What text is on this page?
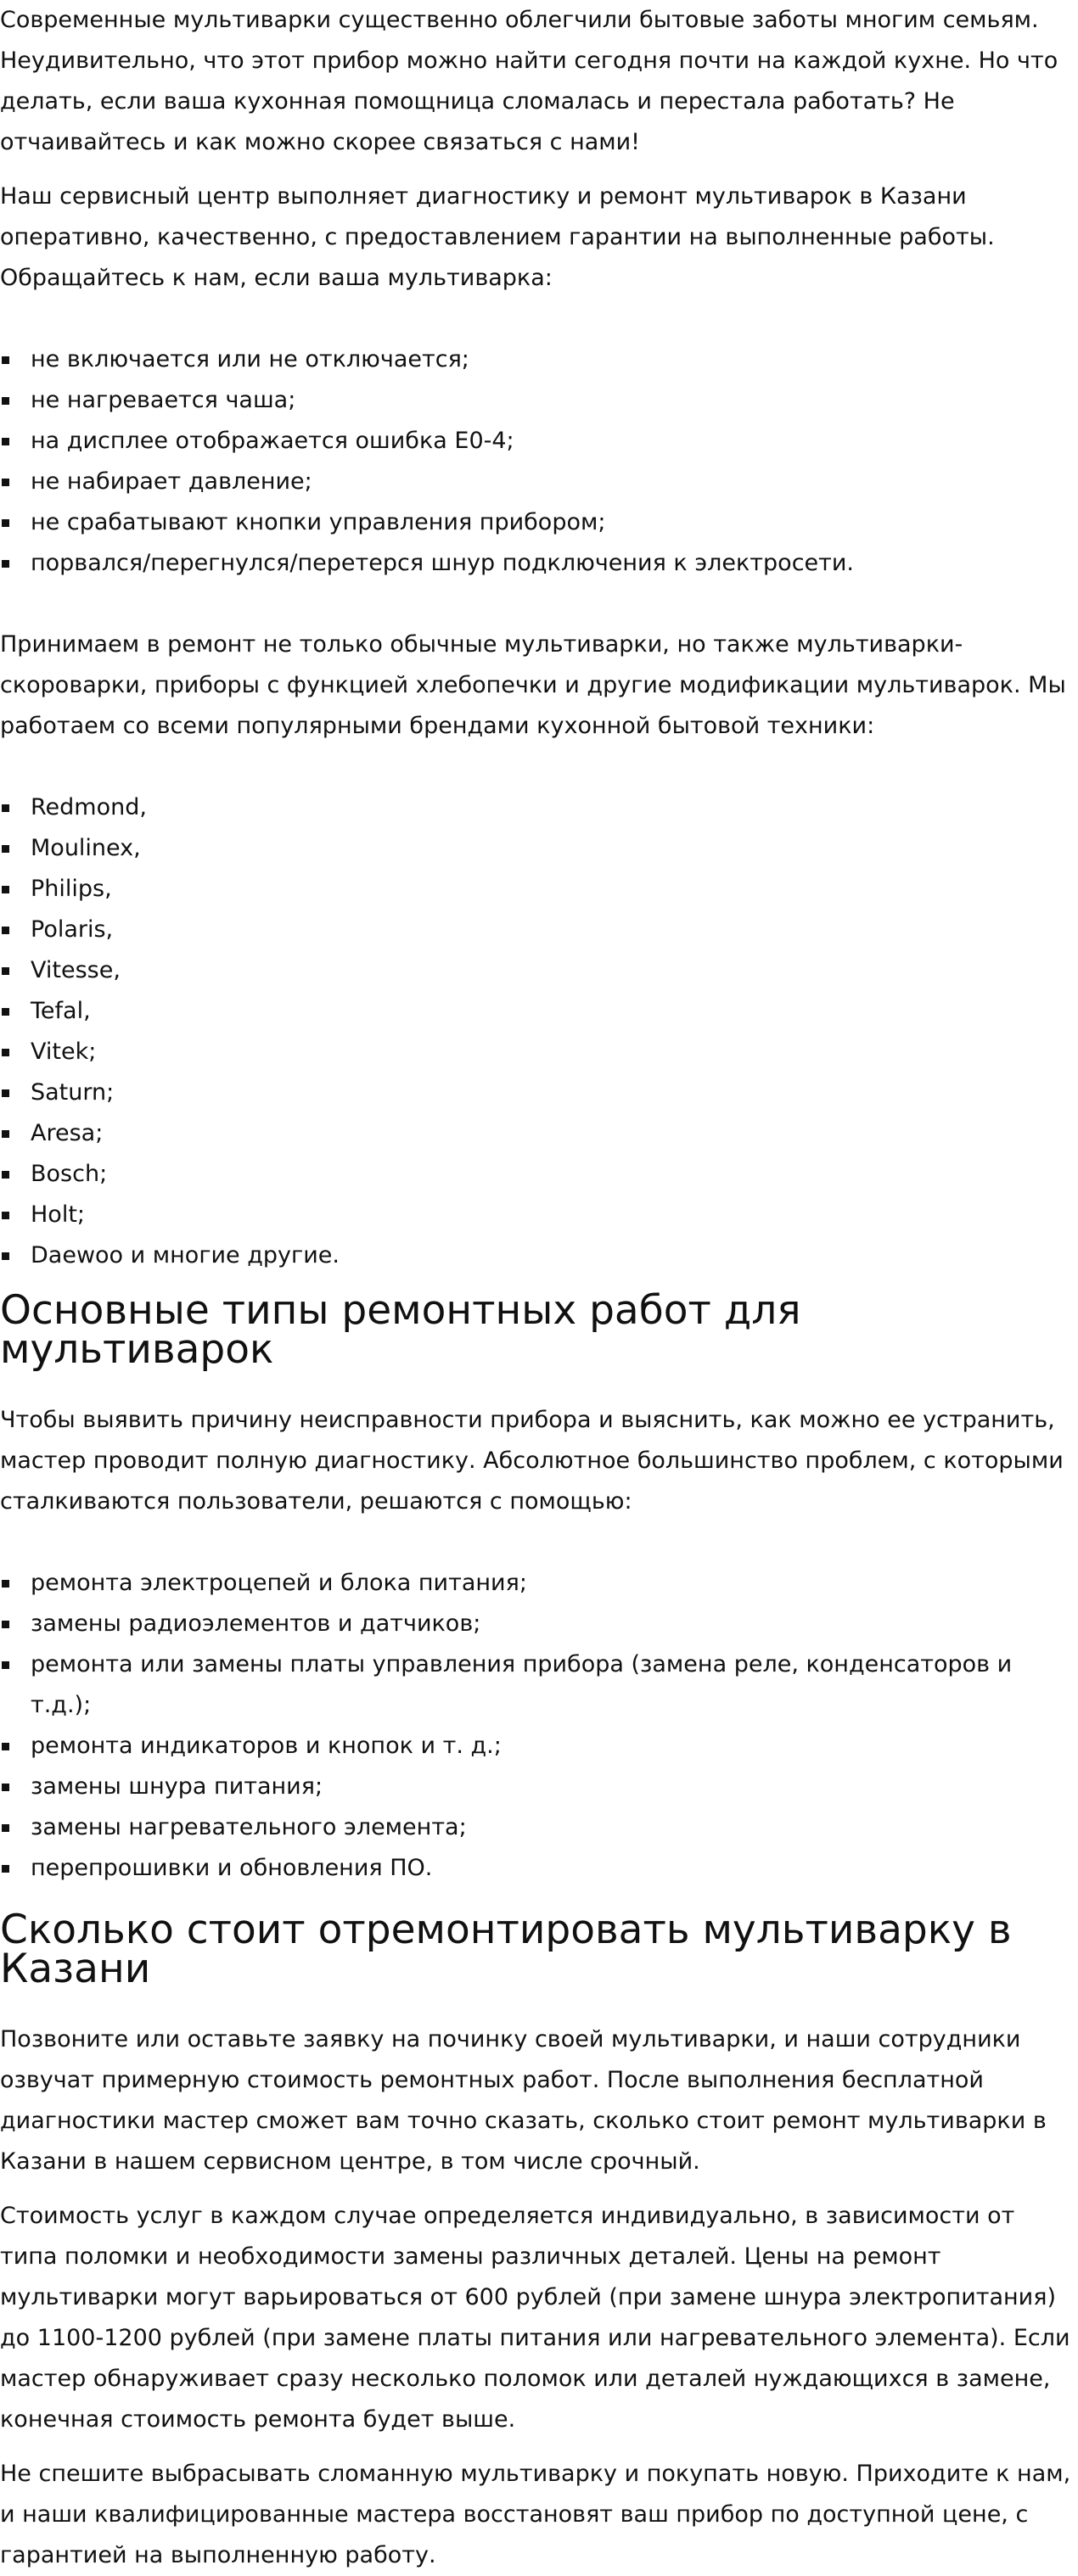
Современные мультиварки существенно облегчили бытовые заботы многим семьям. Неудивительно, что этот прибор можно найти сегодня почти на каждой кухне. Но что делать, если ваша кухонная помощница сломалась и перестала работать? Не отчаивайтесь и как можно скорее связаться с нами!

Наш сервисный центр выполняет диагностику и ремонт мультиварок в Казани оперативно, качественно, с предоставлением гарантии на выполненные работы. Обращайтесь к нам, если ваша мультиварка:

не включается или не отключается;
не нагревается чаша;
на дисплее отображается ошибка E0-4;
не набирает давление;
не срабатывают кнопки управления прибором;
порвался/перегнулся/перетерся шнур подключения к электросети.

Принимаем в ремонт не только обычные мультиварки, но также мультиварки-скороварки, приборы с функцией хлебопечки и другие модификации мультиварок. Мы работаем со всеми популярными брендами кухонной бытовой техники:

Redmond,
Moulinex,
Philips,
Polaris,
Vitesse,
Tefal,
Vitek;
Saturn;
Aresa;
Bosch;
Holt;
Daewoo и многие другие.
Основные типы ремонтных работ для мультиварок

Чтобы выявить причину неисправности прибора и выяснить, как можно ее устранить, мастер проводит полную диагностику. Абсолютное большинство проблем, с которыми сталкиваются пользователи, решаются с помощью:

ремонта электроцепей и блока питания;
замены радиоэлементов и датчиков;
ремонта или замены платы управления прибора (замена реле, конденсаторов и т.д.);
ремонта индикаторов и кнопок и т. д.;
замены шнура питания;
замены нагревательного элемента;
перепрошивки и обновления ПО.
Сколько стоит отремонтировать мультиварку в Казани

Позвоните или оставьте заявку на починку своей мультиварки, и наши сотрудники озвучат примерную стоимость ремонтных работ. После выполнения бесплатной диагностики мастер сможет вам точно сказать, сколько стоит ремонт мультиварки в Казани в нашем сервисном центре, в том числе срочный.

Стоимость услуг в каждом случае определяется индивидуально, в зависимости от типа поломки и необходимости замены различных деталей. Цены на ремонт мультиварки могут варьироваться от 600 рублей (при замене шнура электропитания) до 1100-1200 рублей (при замене платы питания или нагревательного элемента). Если мастер обнаруживает сразу несколько поломок или деталей нуждающихся в замене, конечная стоимость ремонта будет выше.

Не спешите выбрасывать сломанную мультиварку и покупать новую. Приходите к нам, и наши квалифицированные мастера восстановят ваш прибор по доступной цене, с гарантией на выполненную работу.
